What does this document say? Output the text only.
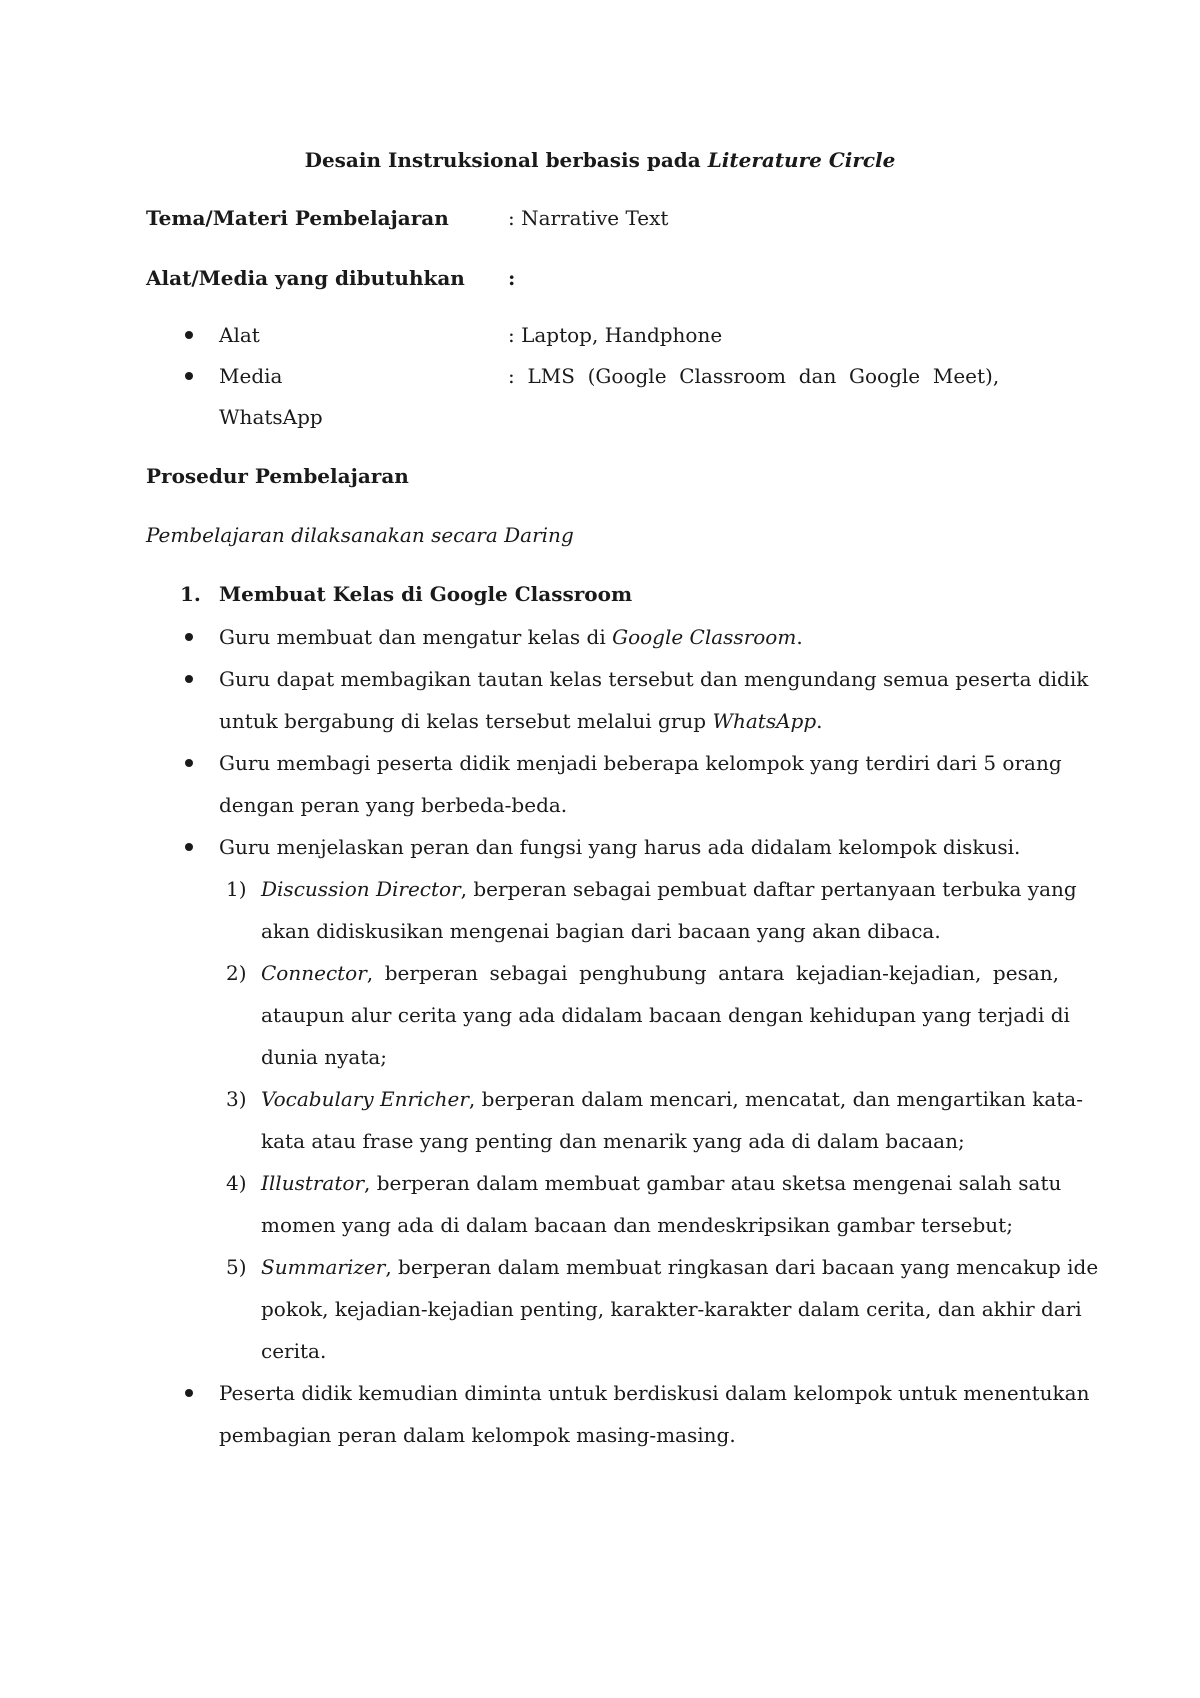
Desain Instruksional berbasis pada Literature Circle
Tema/Materi Pembelajaran	: Narrative Text
Alat/Media yang dibutuhkan :
Alat	: Laptop, Handphone
Media	:  LMS  (Google  Classroom  dan  Google  Meet),
WhatsApp
Prosedur Pembelajaran
Pembelajaran dilaksanakan secara Daring
1. Membuat Kelas di Google Classroom
Guru membuat dan mengatur kelas di Google Classroom.
Guru dapat membagikan tautan kelas tersebut dan mengundang semua peserta didik
untuk bergabung di kelas tersebut melalui grup WhatsApp.
Guru membagi peserta didik menjadi beberapa kelompok yang terdiri dari 5 orang
dengan peran yang berbeda-beda.
Guru menjelaskan peran dan fungsi yang harus ada didalam kelompok diskusi.
1) Discussion Director, berperan sebagai pembuat daftar pertanyaan terbuka yang
akan didiskusikan mengenai bagian dari bacaan yang akan dibaca.
2) Connector, berperan sebagai penghubung antara kejadian-kejadian, pesan,
ataupun alur cerita yang ada didalam bacaan dengan kehidupan yang terjadi di
dunia nyata;
3) Vocabulary Enricher, berperan dalam mencari, mencatat, dan mengartikan kata-
kata atau frase yang penting dan menarik yang ada di dalam bacaan;
4) Illustrator, berperan dalam membuat gambar atau sketsa mengenai salah satu
momen yang ada di dalam bacaan dan mendeskripsikan gambar tersebut;
5) Summarizer, berperan dalam membuat ringkasan dari bacaan yang mencakup ide
pokok, kejadian-kejadian penting, karakter-karakter dalam cerita, dan akhir dari
cerita.
Peserta didik kemudian diminta untuk berdiskusi dalam kelompok untuk menentukan
pembagian peran dalam kelompok masing-masing.
